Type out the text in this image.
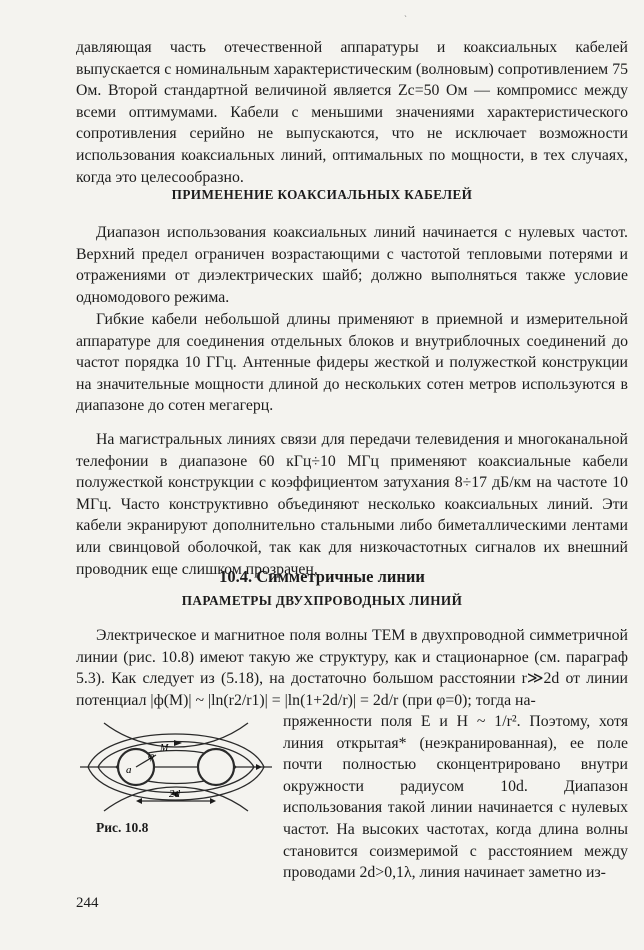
`

давляющая часть отечественной аппаратуры и коаксиальных кабелей выпускается с номинальным характеристическим (волновым) сопротивлением 75 Ом. Второй стандартной величиной является Zc=50 Ом — компромисс между всеми оптимумами. Кабели с меньшими значениями характеристического сопротивления серийно не выпускаются, что не исключает возможности использования коаксиальных линий, оптимальных по мощности, в тех случаях, когда это целесообразно.

ПРИМЕНЕНИЕ КОАКСИАЛЬНЫХ КАБЕЛЕЙ

Диапазон использования коаксиальных линий начинается с нулевых частот. Верхний предел ограничен возрастающими с частотой тепловыми потерями и отражениями от диэлектрических шайб; должно выполняться также условие одномодового режима.

Гибкие кабели небольшой длины применяют в приемной и измерительной аппаратуре для соединения отдельных блоков и внутриблочных соединений до частот порядка 10 ГГц. Антенные фидеры жесткой и полужесткой конструкции на значительные мощности длиной до нескольких сотен метров используются в диапазоне до сотен мегагерц.

На магистральных линиях связи для передачи телевидения и многоканальной телефонии в диапазоне 60 кГц÷10 МГц применяют коаксиальные кабели полужесткой конструкции с коэффициентом затухания 8÷17 дБ/км на частоте 10 МГц. Часто конструктивно объединяют несколько коаксиальных линий. Эти кабели экранируют дополнительно стальными либо биметаллическими лентами или свинцовой оболочкой, так как для низкочастотных сигналов их внешний проводник еще слишком прозрачен.

10.4. Симметричные линии

ПАРАМЕТРЫ ДВУХПРОВОДНЫХ ЛИНИЙ

Электрическое и магнитное поля волны ТЕМ в двухпроводной симметричной линии (рис. 10.8) имеют такую же структуру, как и стационарное (см. параграф 5.3). Как следует из (5.18), на достаточно большом расстоянии r≫2d от линии потенциал |ф(M)| ~ |ln(r2/r1)| = |ln(1+2d/r)| = 2d/r (при φ=0); тогда на-

пряженности поля E и H ~ 1/r². Поэтому, хотя линия открытая* (неэкранированная), ее поле почти полностью сконцентрировано внутри окружности радиусом 10d. Диапазон использования такой линии начинается с нулевых частот. На высоких частотах, когда длина волны становится соизмеримой с расстоянием между проводами 2d>0,1λ, линия начинает заметно из-

a
φ
M
2d
Рис. 10.8
244
